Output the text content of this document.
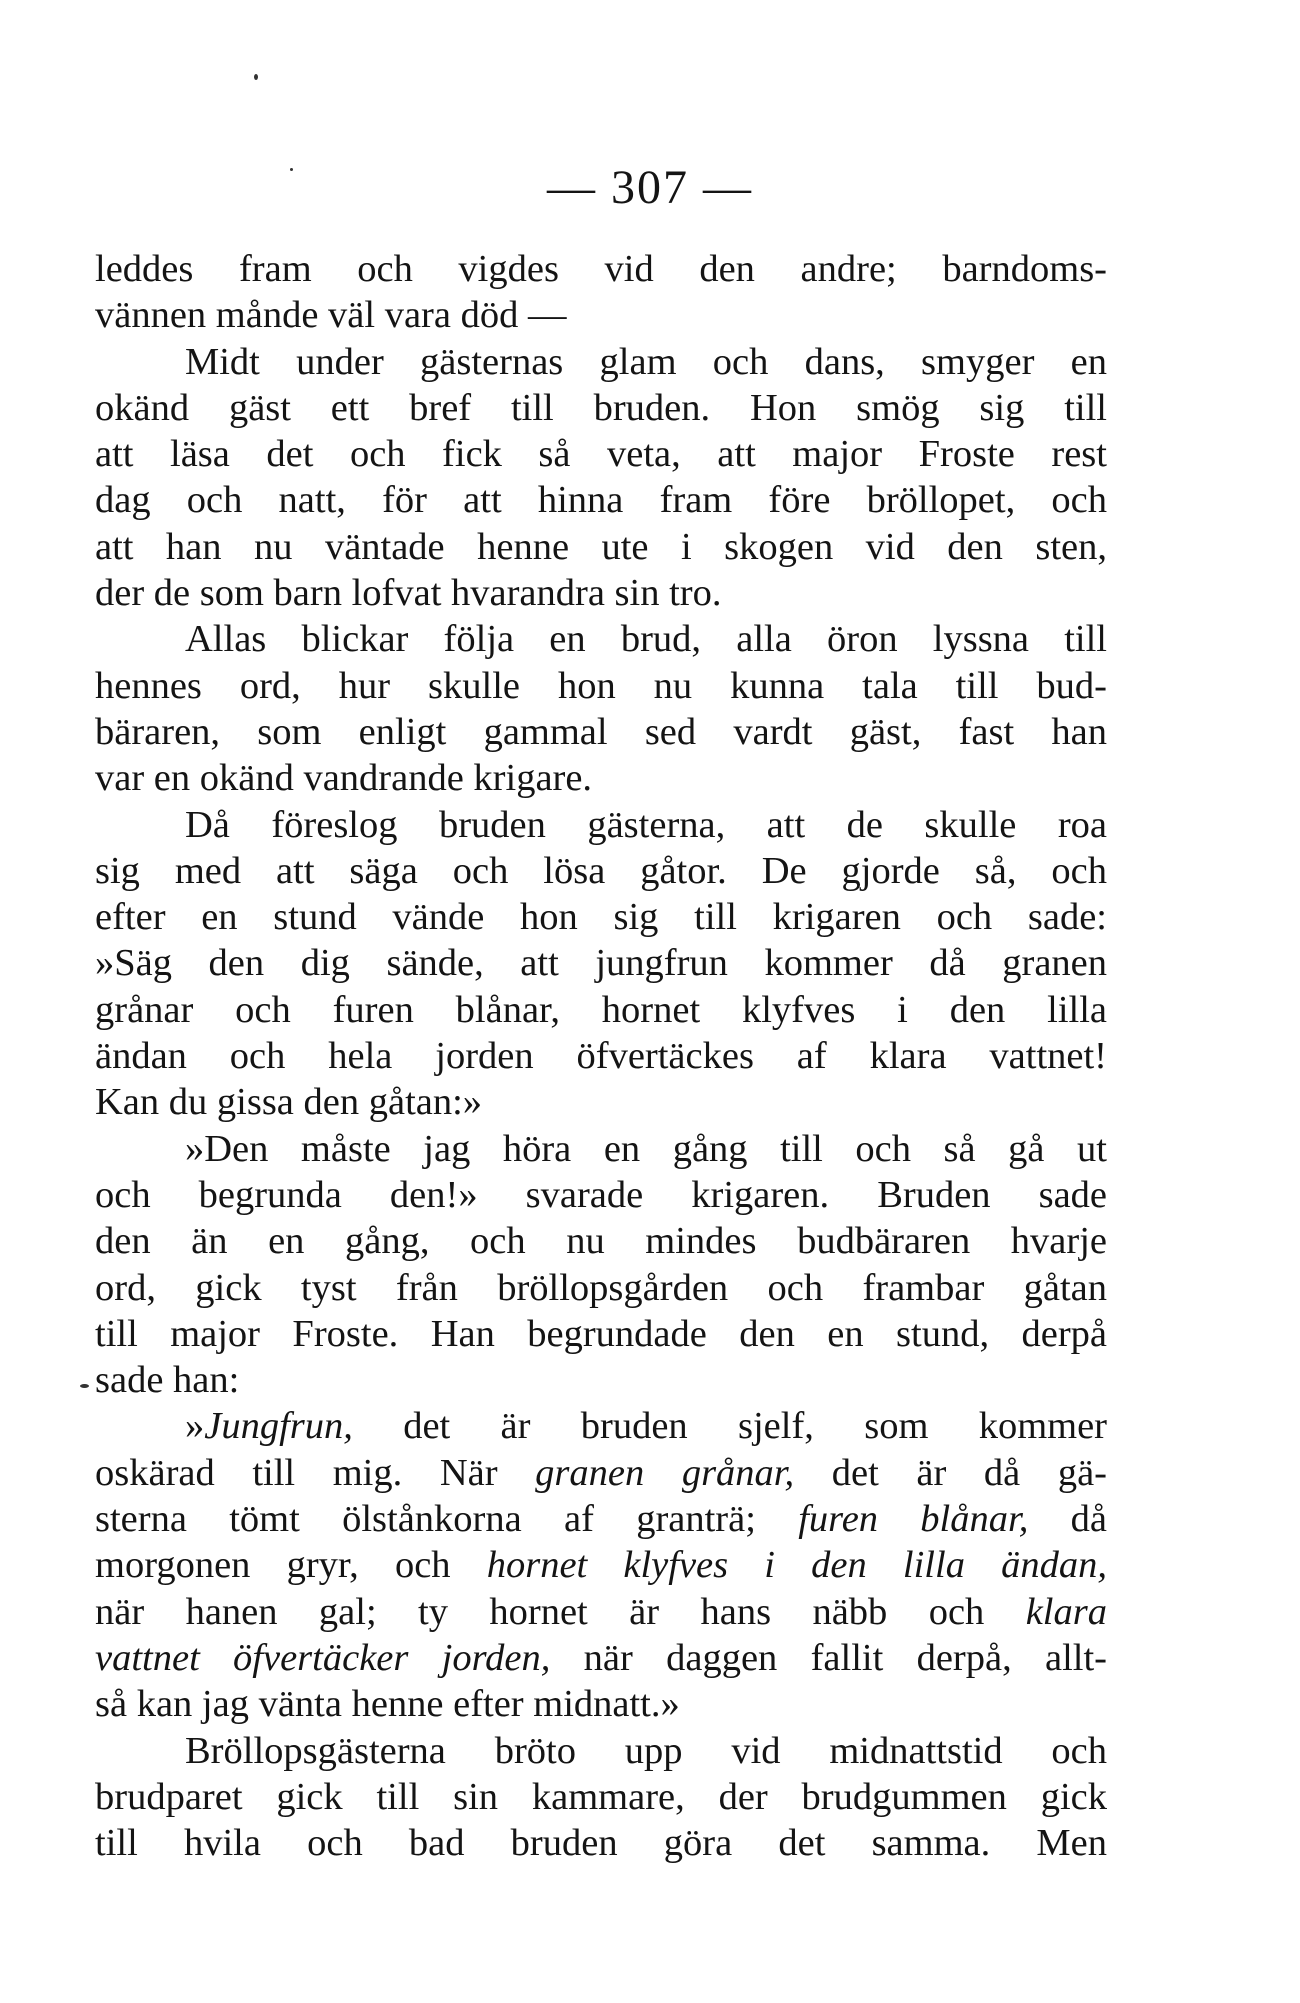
— 307 —
leddes fram och vigdes vid den andre; barndoms-
vännen månde väl vara död —
Midt under gästernas glam och dans, smyger en
okänd gäst ett bref till bruden. Hon smög sig till
att läsa det och fick så veta, att major Froste rest
dag och natt, för att hinna fram före bröllopet, och
att han nu väntade henne ute i skogen vid den sten,
der de som barn lofvat hvarandra sin tro.
Allas blickar följa en brud, alla öron lyssna till
hennes ord, hur skulle hon nu kunna tala till bud-
bäraren, som enligt gammal sed vardt gäst, fast han
var en okänd vandrande krigare.
Då föreslog bruden gästerna, att de skulle roa
sig med att säga och lösa gåtor. De gjorde så, och
efter en stund vände hon sig till krigaren och sade:
»Säg den dig sände, att jungfrun kommer då granen
grånar och furen blånar, hornet klyfves i den lilla
ändan och hela jorden öfvertäckes af klara vattnet!
Kan du gissa den gåtan:»
»Den måste jag höra en gång till och så gå ut
och begrunda den!» svarade krigaren. Bruden sade
den än en gång, och nu mindes budbäraren hvarje
ord, gick tyst från bröllopsgården och frambar gåtan
till major Froste. Han begrundade den en stund, derpå
sade han:
»Jungfrun, det är bruden sjelf, som kommer
oskärad till mig. När granen grånar, det är då gä-
sterna tömt ölstånkorna af granträ; furen blånar, då
morgonen gryr, och hornet klyfves i den lilla ändan,
när hanen gal; ty hornet är hans näbb och klara
vattnet öfvertäcker jorden, när daggen fallit derpå, allt-
så kan jag vänta henne efter midnatt.»
Bröllopsgästerna bröto upp vid midnattstid och
brudparet gick till sin kammare, der brudgummen gick
till hvila och bad bruden göra det samma. Men
